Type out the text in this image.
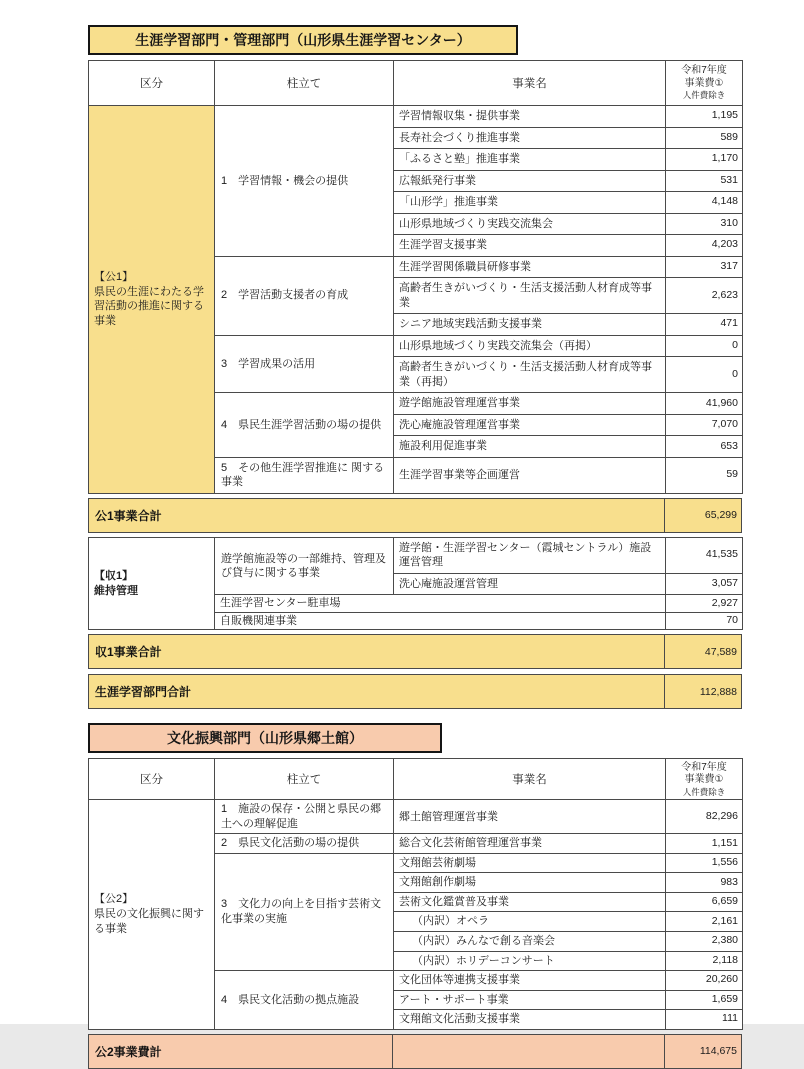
生涯学習部門・管理部門（山形県生涯学習センター）
区分	柱立て	事業名	令和7年度
事業費①
人件費除き

【公1】
県民の生涯にわたる学習活動の推進に関する事業	1　学習情報・機会の提供	学習情報収集・提供事業	1,195
		長寿社会づくり推進事業	589
		「ふるさと塾」推進事業	1,170
		広報紙発行事業	531
		「山形学」推進事業	4,148
		山形県地域づくり実践交流集会	310
		生涯学習支援事業	4,203
	2　学習活動支援者の育成	生涯学習関係職員研修事業	317
		高齢者生きがいづくり・生活支援活動人材育成等事業	2,623
		シニア地域実践活動支援事業	471
	3　学習成果の活用	山形県地域づくり実践交流集会（再掲）	0
		高齢者生きがいづくり・生活支援活動人材育成等事業（再掲）	0
	4　県民生涯学習活動の場の提供	遊学館施設管理運営事業	41,960
		洗心庵施設管理運営事業	7,070
		施設利用促進事業	653
	5　その他生涯学習推進に 関する事業	生涯学習事業等企画運営	59
公1事業合計	65,299
【収1】
維持管理	遊学館施設等の一部維持、管理及び貸与に関する事業	遊学館・生涯学習センター（霞城セントラル）施設運営管理	41,535
		洗心庵施設運営管理	3,057
	生涯学習センター駐車場		2,927
	自販機関連事業		70
収1事業合計	47,589
生涯学習部門合計	112,888
文化振興部門（山形県郷土館）
区分	柱立て	事業名	令和7年度
事業費①
人件費除き

【公2】
県民の文化振興に関する事業	1　施設の保存・公開と県民の郷土への理解促進	郷土館管理運営事業	82,296
	2　県民文化活動の場の提供	総合文化芸術館管理運営事業	1,151
	3　文化力の向上を目指す芸術文化事業の実施	文翔館芸術劇場	1,556
		文翔館創作劇場	983
		芸術文化鑑賞普及事業	6,659
		（内訳）オペラ	2,161
		（内訳）みんなで創る音楽会	2,380
		（内訳）ホリデーコンサート	2,118
	4　県民文化活動の拠点施設	文化団体等連携支援事業	20,260
		アート・サポート事業	1,659
		文翔館文化活動支援事業	111
公2事業費計	114,675
